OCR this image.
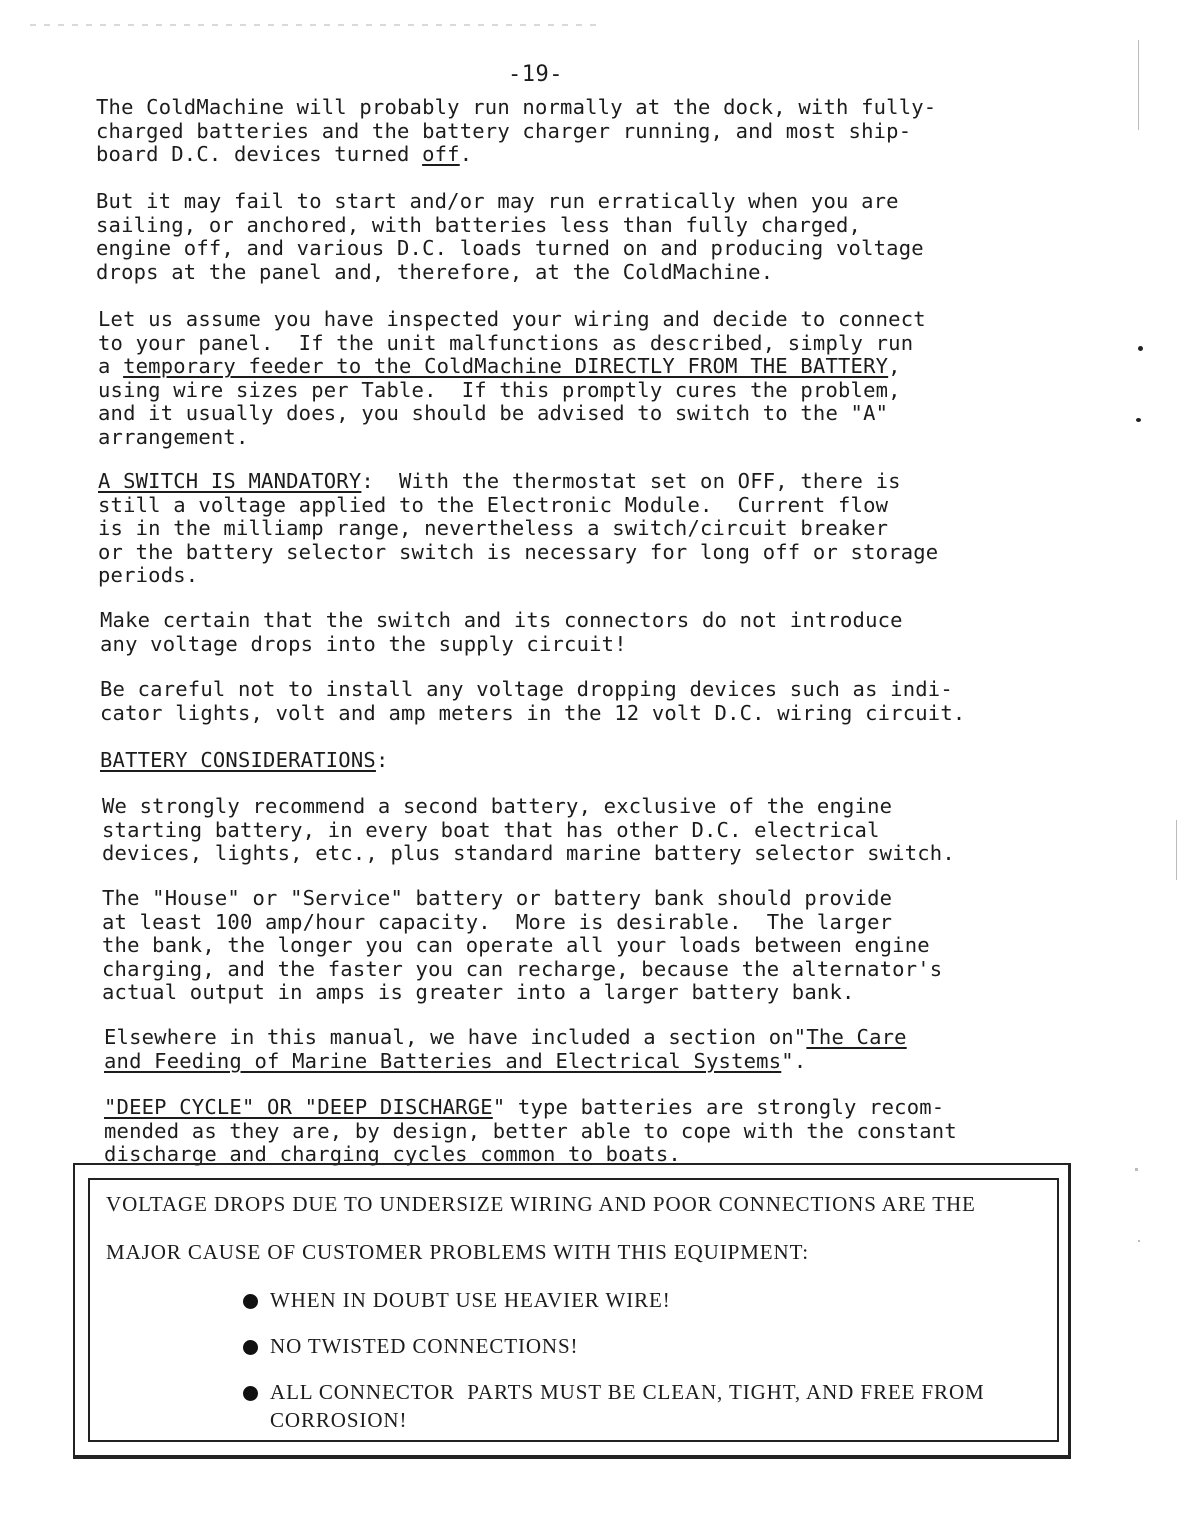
-19-
The ColdMachine will probably run normally at the dock, with fully-
charged batteries and the battery charger running, and most ship-
board D.C. devices turned off.
But it may fail to start and/or may run erratically when you are
sailing, or anchored, with batteries less than fully charged,
engine off, and various D.C. loads turned on and producing voltage
drops at the panel and, therefore, at the ColdMachine.
Let us assume you have inspected your wiring and decide to connect
to your panel.  If the unit malfunctions as described, simply run
a temporary feeder to the ColdMachine DIRECTLY FROM THE BATTERY,
using wire sizes per Table.  If this promptly cures the problem,
and it usually does, you should be advised to switch to the "A"
arrangement.
A SWITCH IS MANDATORY:  With the thermostat set on OFF, there is
still a voltage applied to the Electronic Module.  Current flow
is in the milliamp range, nevertheless a switch/circuit breaker
or the battery selector switch is necessary for long off or storage
periods.
Make certain that the switch and its connectors do not introduce
any voltage drops into the supply circuit!
Be careful not to install any voltage dropping devices such as indi-
cator lights, volt and amp meters in the 12 volt D.C. wiring circuit.
BATTERY CONSIDERATIONS:
We strongly recommend a second battery, exclusive of the engine
starting battery, in every boat that has other D.C. electrical
devices, lights, etc., plus standard marine battery selector switch.
The "House" or "Service" battery or battery bank should provide
at least 100 amp/hour capacity.  More is desirable.  The larger
the bank, the longer you can operate all your loads between engine
charging, and the faster you can recharge, because the alternator's
actual output in amps is greater into a larger battery bank.
Elsewhere in this manual, we have included a section on"The Care
and Feeding of Marine Batteries and Electrical Systems".
"DEEP CYCLE" OR "DEEP DISCHARGE" type batteries are strongly recom-
mended as they are, by design, better able to cope with the constant
discharge and charging cycles common to boats.
VOLTAGE DROPS DUE TO UNDERSIZE WIRING AND POOR CONNECTIONS ARE THE
MAJOR CAUSE OF CUSTOMER PROBLEMS WITH THIS EQUIPMENT:
WHEN IN DOUBT USE HEAVIER WIRE!
NO TWISTED CONNECTIONS!
ALL CONNECTOR  PARTS MUST BE CLEAN, TIGHT, AND FREE FROM
CORROSION!
